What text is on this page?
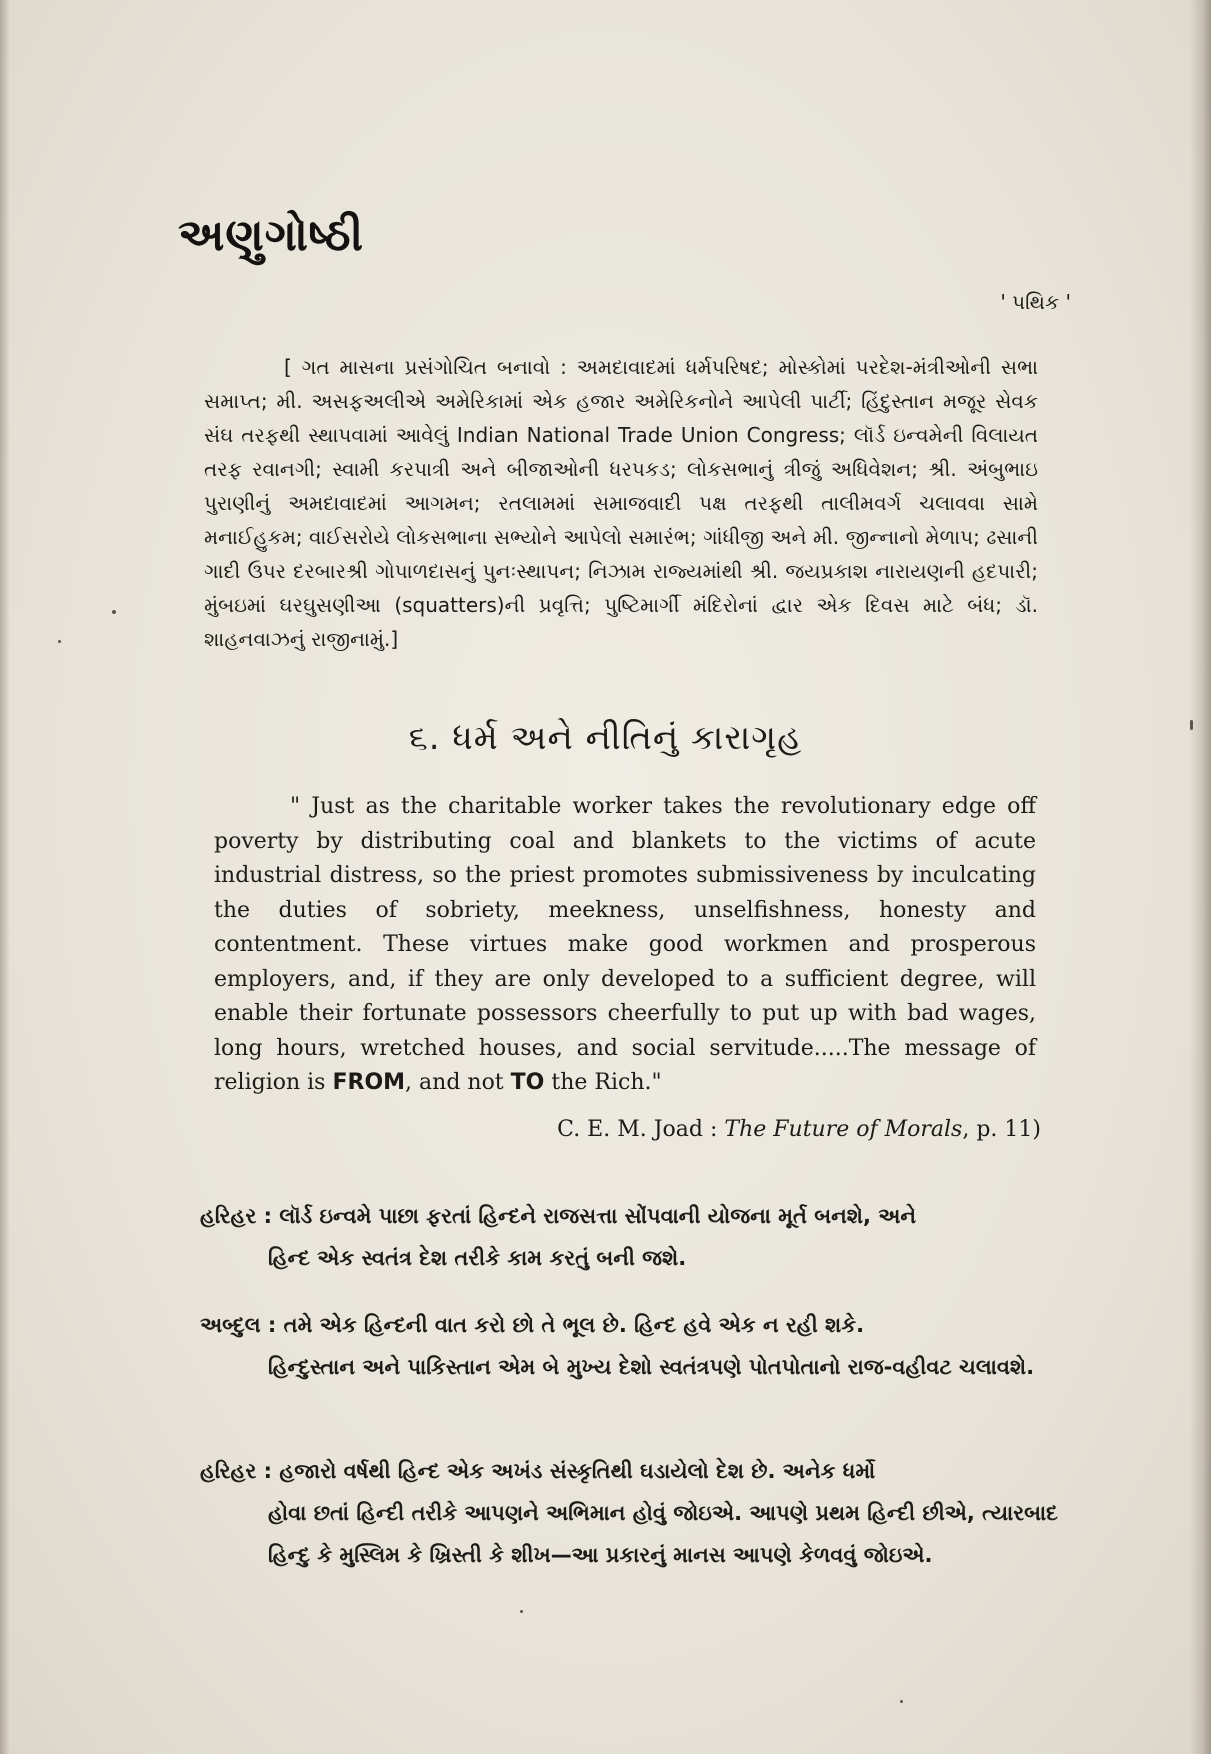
અણુગોષ્ઠી
' પથિક '
[ ગત માસના પ્રસંગોચિત બનાવો : અમદાવાદમાં ધર્મપરિષદ; મોસ્કોમાં પરદેશ-મંત્રીઓની સભા સમાપ્ત; મી. અસફઅલીએ અમેરિકામાં એક હજાર અમેરિકનોને આપેલી પાર્ટી; હિંદુસ્તાન મજૂર સેવક સંઘ તરફથી સ્થાપવામાં આવેલું Indian National Trade Union Congress; લૉર્ડ ઇન્વમેની વિલાયત તરફ રવાનગી; સ્વામી કરપાત્રી અને બીજાઓની ધરપકડ; લોકસભાનું ત્રીજું અધિવેશન; શ્રી. અંબુભાઇ પુરાણીનું અમદાવાદમાં આગમન; રતલામમાં સમાજવાદી પક્ષ તરફથી તાલીમવર્ગ ચલાવવા સામે મનાઈહુકમ; વાઈસરોયે લોકસભાના સભ્યોને આપેલો સમારંભ; ગાંધીજી અને મી. જીન્નાનો મેળાપ; ઢસાની ગાદી ઉપર દરબારશ્રી ગોપાળદાસનું પુનઃસ્થાપન; નિઝામ રાજ્યમાંથી શ્રી. જયપ્રકાશ નારાયણની હદપારી; મુંબઇમાં ઘરઘુસણીઆ (squatters)ની પ્રવૃત્તિ; પુષ્ટિમાર્ગી મંદિરોનાં દ્વાર એક દિવસ માટે બંધ; ડૉ. શાહનવાઝનું રાજીનામું.]
૬. ધર્મ અને નીતિનું કારાગૃહ
" Just as the charitable worker takes the revolutionary edge off poverty by distributing coal and blankets to the victims of acute industrial distress, so the priest promotes submissiveness by inculcating the duties of sobriety, meekness, unselfishness, honesty and contentment. These virtues make good workmen and prosperous employers, and, if they are only developed to a sufficient degree, will enable their fortunate possessors cheerfully to put up with bad wages, long hours, wretched houses, and social servitude.....The message of religion is FROM, and not TO the Rich."
C. E. M. Joad : The Future of Morals, p. 11)
હરિહર : લૉર્ડ ઇન્વમે પાછા ફરતાં હિન્દને રાજસત્તા સોંપવાની યોજના મૂર્ત બનશે, અને
હિન્દ એક સ્વતંત્ર દેશ તરીકે કામ કરતું બની જશે.
અબ્દુલ : તમે એક હિન્દની વાત કરો છો તે ભૂલ છે. હિન્દ હવે એક ન રહી શકે.
હિન્દુસ્તાન અને પાકિસ્તાન એમ બે મુખ્ય દેશો સ્વતંત્રપણે પોતપોતાનો રાજ-વહીવટ ચલાવશે.
હરિહર : હજારો વર્ષથી હિન્દ એક અખંડ સંસ્કૃતિથી ઘડાયેલો દેશ છે. અનેક ધર્મો
હોવા છતાં હિન્દી તરીકે આપણને અભિમાન હોવું જોઇએ. આપણે પ્રથમ હિન્દી છીએ, ત્યારબાદ હિન્દુ કે મુસ્લિમ કે ખ્રિસ્તી કે શીખ—આ પ્રકારનું માનસ આપણે કેળવવું જોઇએ.
